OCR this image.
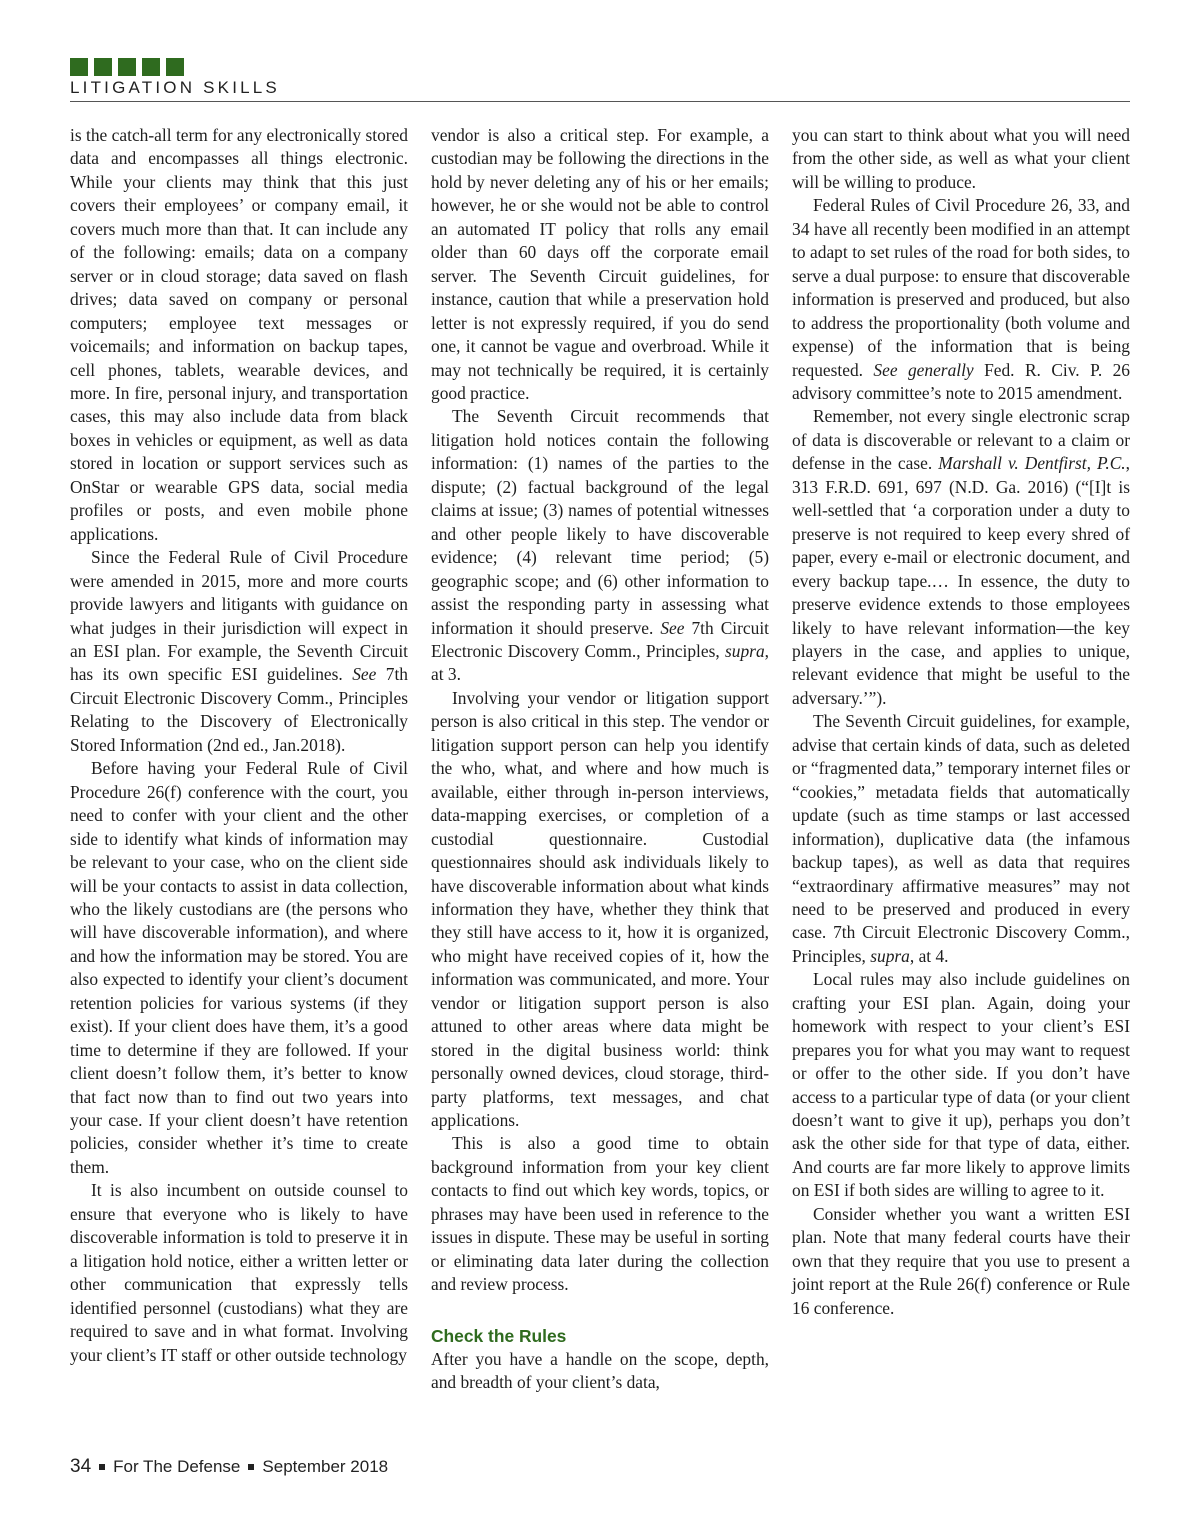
LITIGATION SKILLS

is the catch-all term for any electronically stored data and encompasses all things electronic. While your clients may think that this just covers their employees’ or company email, it covers much more than that. It can include any of the following: emails; data on a company server or in cloud storage; data saved on flash drives; data saved on company or personal computers; employee text messages or voicemails; and information on backup tapes, cell phones, tablets, wearable devices, and more. In fire, personal injury, and transportation cases, this may also include data from black boxes in vehicles or equipment, as well as data stored in location or support services such as OnStar or wearable GPS data, social media profiles or posts, and even mobile phone applications.

Since the Federal Rule of Civil Procedure were amended in 2015, more and more courts provide lawyers and litigants with guidance on what judges in their jurisdiction will expect in an ESI plan. For example, the Seventh Circuit has its own specific ESI guidelines. See 7th Circuit Electronic Discovery Comm., Principles Relating to the Discovery of Electronically Stored Information (2nd ed., Jan.2018).

Before having your Federal Rule of Civil Procedure 26(f) conference with the court, you need to confer with your client and the other side to identify what kinds of information may be relevant to your case, who on the client side will be your contacts to assist in data collection, who the likely custodians are (the persons who will have discoverable information), and where and how the information may be stored. You are also expected to identify your client’s document retention policies for various systems (if they exist). If your client does have them, it’s a good time to determine if they are followed. If your client doesn’t follow them, it’s better to know that fact now than to find out two years into your case. If your client doesn’t have retention policies, consider whether it’s time to create them.

It is also incumbent on outside counsel to ensure that everyone who is likely to have discoverable information is told to preserve it in a litigation hold notice, either a written letter or other communication that expressly tells identified personnel (custodians) what they are required to save and in what format. Involving your client’s IT staff or other outside technology

vendor is also a critical step. For example, a custodian may be following the directions in the hold by never deleting any of his or her emails; however, he or she would not be able to control an automated IT policy that rolls any email older than 60 days off the corporate email server. The Seventh Circuit guidelines, for instance, caution that while a preservation hold letter is not expressly required, if you do send one, it cannot be vague and overbroad. While it may not technically be required, it is certainly good practice.

The Seventh Circuit recommends that litigation hold notices contain the following information: (1) names of the parties to the dispute; (2) factual background of the legal claims at issue; (3) names of potential witnesses and other people likely to have discoverable evidence; (4) relevant time period; (5) geographic scope; and (6) other information to assist the responding party in assessing what information it should preserve. See 7th Circuit Electronic Discovery Comm., Principles, supra, at 3.

Involving your vendor or litigation support person is also critical in this step. The vendor or litigation support person can help you identify the who, what, and where and how much is available, either through in-person interviews, data-mapping exercises, or completion of a custodial questionnaire. Custodial questionnaires should ask individuals likely to have discoverable information about what kinds information they have, whether they think that they still have access to it, how it is organized, who might have received copies of it, how the information was communicated, and more. Your vendor or litigation support person is also attuned to other areas where data might be stored in the digital business world: think personally owned devices, cloud storage, third-party platforms, text messages, and chat applications.

This is also a good time to obtain background information from your key client contacts to find out which key words, topics, or phrases may have been used in reference to the issues in dispute. These may be useful in sorting or eliminating data later during the collection and review process.

Check the Rules

After you have a handle on the scope, depth, and breadth of your client’s data,

you can start to think about what you will need from the other side, as well as what your client will be willing to produce.

Federal Rules of Civil Procedure 26, 33, and 34 have all recently been modified in an attempt to adapt to set rules of the road for both sides, to serve a dual purpose: to ensure that discoverable information is preserved and produced, but also to address the proportionality (both volume and expense) of the information that is being requested. See generally Fed. R. Civ. P. 26 advisory committee’s note to 2015 amendment.

Remember, not every single electronic scrap of data is discoverable or relevant to a claim or defense in the case. Marshall v. Dentfirst, P.C., 313 F.R.D. 691, 697 (N.D. Ga. 2016) (“[I]t is well-settled that ‘a corporation under a duty to preserve is not required to keep every shred of paper, every e-mail or electronic document, and every backup tape.… In essence, the duty to preserve evidence extends to those employees likely to have relevant information—the key players in the case, and applies to unique, relevant evidence that might be useful to the adversary.’”).

The Seventh Circuit guidelines, for example, advise that certain kinds of data, such as deleted or “fragmented data,” temporary internet files or “cookies,” metadata fields that automatically update (such as time stamps or last accessed information), duplicative data (the infamous backup tapes), as well as data that requires “extraordinary affirmative measures” may not need to be preserved and produced in every case. 7th Circuit Electronic Discovery Comm., Principles, supra, at 4.

Local rules may also include guidelines on crafting your ESI plan. Again, doing your homework with respect to your client’s ESI prepares you for what you may want to request or offer to the other side. If you don’t have access to a particular type of data (or your client doesn’t want to give it up), perhaps you don’t ask the other side for that type of data, either. And courts are far more likely to approve limits on ESI if both sides are willing to agree to it.

Consider whether you want a written ESI plan. Note that many federal courts have their own that they require that you use to present a joint report at the Rule 26(f) conference or Rule 16 conference.

34 For The Defense September 2018
